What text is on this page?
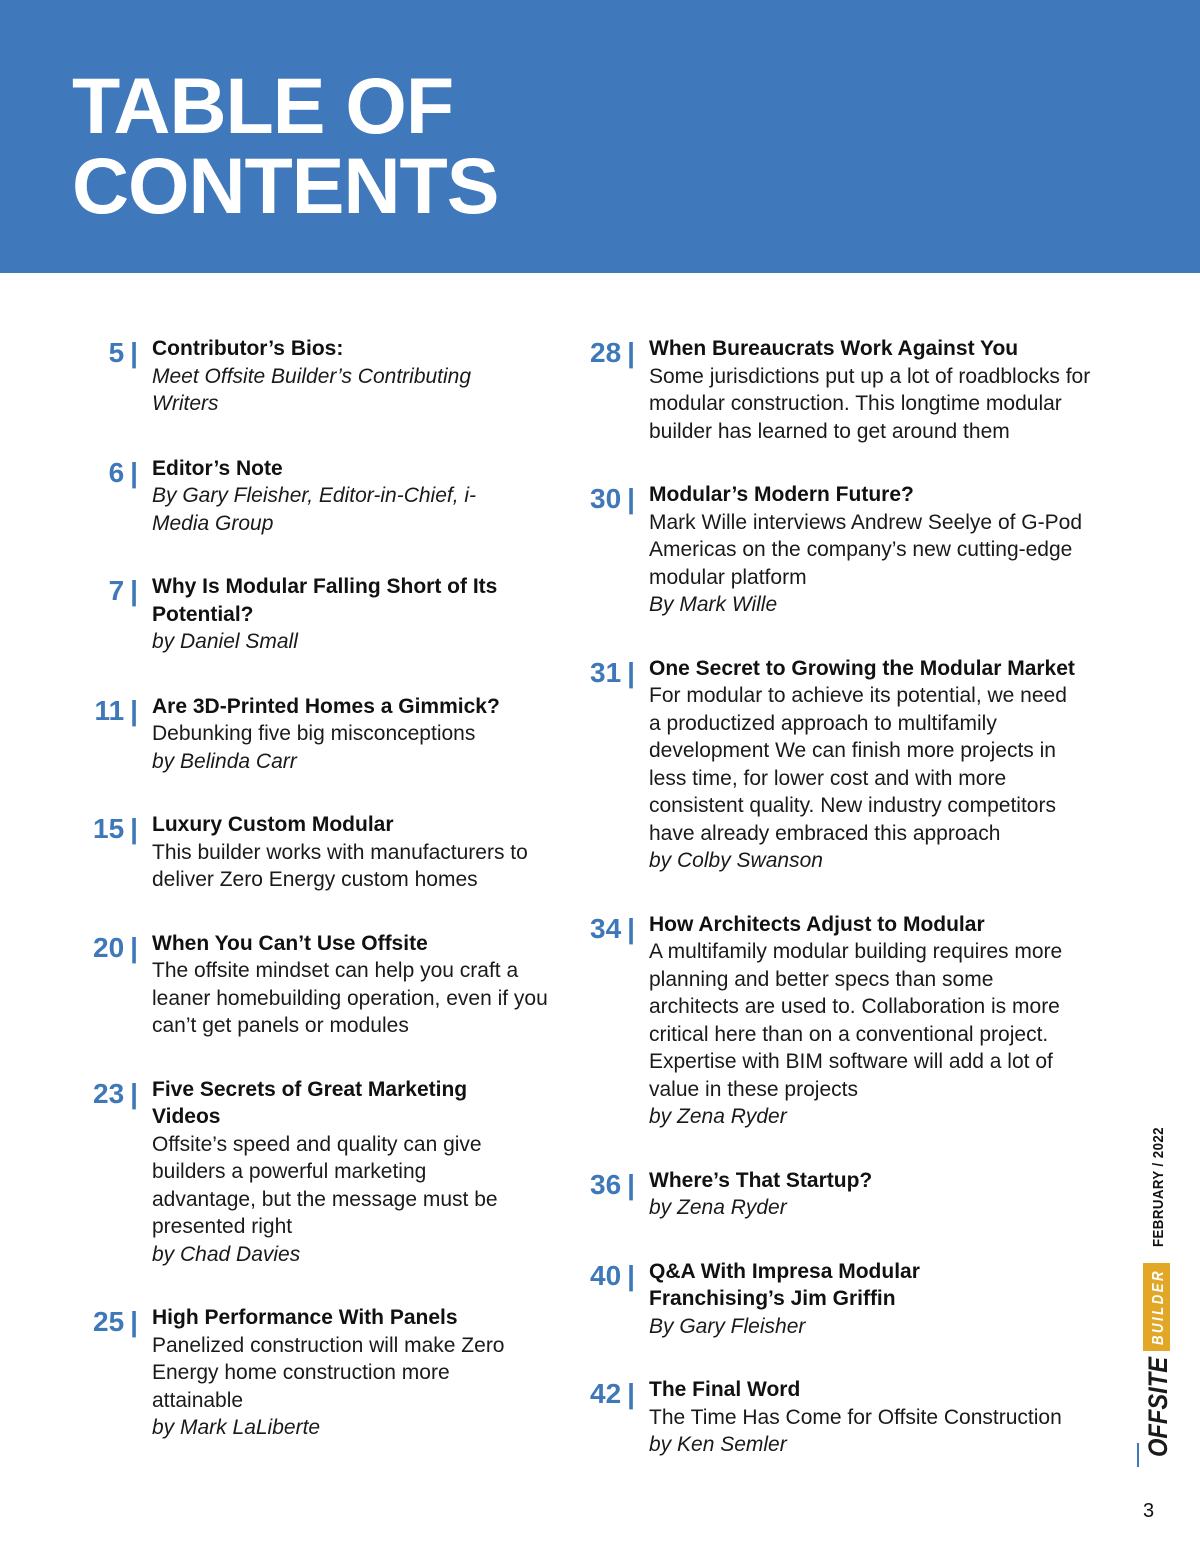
TABLE OF
CONTENTS
5 | Contributor’s Bios:
Meet Offsite Builder’s Contributing Writers
6 | Editor’s Note
By Gary Fleisher, Editor-in-Chief, i-Media Group
7 | Why Is Modular Falling Short of Its Potential?
by Daniel Small
11 | Are 3D-Printed Homes a Gimmick?
Debunking five big misconceptions
by Belinda Carr
15 | Luxury Custom Modular
This builder works with manufacturers to deliver Zero Energy custom homes
20 | When You Can’t Use Offsite
The offsite mindset can help you craft a leaner homebuilding operation, even if you can’t get panels or modules
23 | Five Secrets of Great Marketing Videos
Offsite’s speed and quality can give builders a powerful marketing advantage, but the message must be presented right
by Chad Davies
25 | High Performance With Panels
Panelized construction will make Zero Energy home construction more attainable
by Mark LaLiberte
28 | When Bureaucrats Work Against You
Some jurisdictions put up a lot of roadblocks for modular construction. This longtime modular builder has learned to get around them
30 | Modular’s Modern Future?
Mark Wille interviews Andrew Seelye of G-Pod Americas on the company’s new cutting-edge modular platform
By Mark Wille
31 | One Secret to Growing the Modular Market
For modular to achieve its potential, we need a productized approach to multifamily development We can finish more projects in less time, for lower cost and with more consistent quality. New industry competitors have already embraced this approach
by Colby Swanson
34 | How Architects Adjust to Modular
A multifamily modular building requires more planning and better specs than some architects are used to. Collaboration is more critical here than on a conventional project. Expertise with BIM software will add a lot of value in these projects
by Zena Ryder
36 | Where’s That Startup?
by Zena Ryder
40 | Q&A With Impresa Modular Franchising’s Jim Griffin
By Gary Fleisher
42 | The Final Word
The Time Has Come for Offsite Construction
by Ken Semler
FEBRUARY / 2022
BUILDER
OFFSITE
3
